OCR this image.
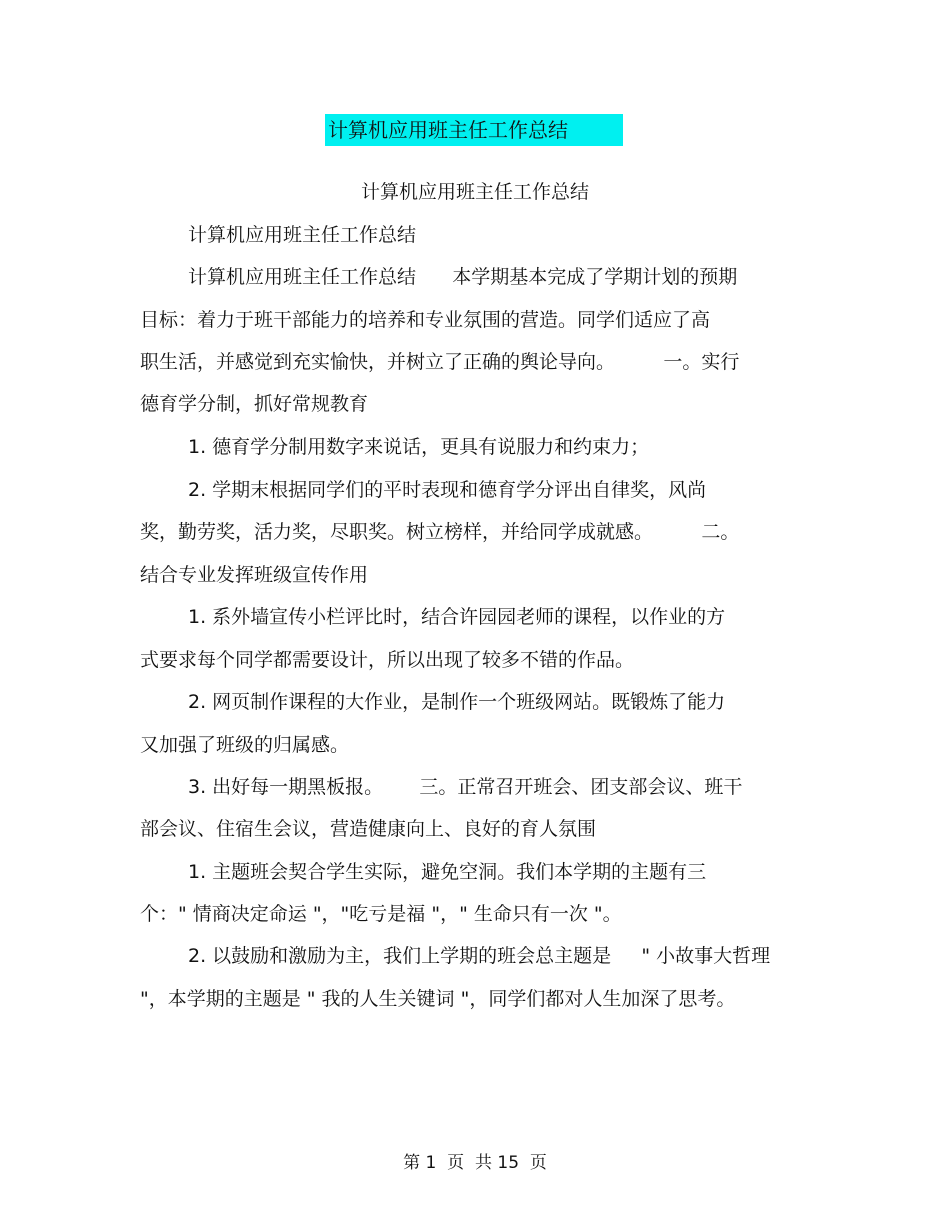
计算机应用班主任工作总结
计算机应用班主任工作总结
计算机应用班主任工作总结
计算机应用班主任工作总结      本学期基本完成了学期计划的预期
目标：着力于班干部能力的培养和专业氛围的营造。同学们适应了高
职生活，并感觉到充实愉快，并树立了正确的舆论导向。        一。实行
德育学分制，抓好常规教育
1. 德育学分制用数字来说话，更具有说服力和约束力；
2. 学期末根据同学们的平时表现和德育学分评出自律奖，风尚
奖，勤劳奖，活力奖，尽职奖。树立榜样，并给同学成就感。        二。
结合专业发挥班级宣传作用
1. 系外墙宣传小栏评比时，结合许园园老师的课程，以作业的方
式要求每个同学都需要设计，所以出现了较多不错的作品。
2. 网页制作课程的大作业，是制作一个班级网站。既锻炼了能力
又加强了班级的归属感。
3. 出好每一期黑板报。      三。正常召开班会、团支部会议、班干
部会议、住宿生会议，营造健康向上、良好的育人氛围
1. 主题班会契合学生实际，避免空洞。我们本学期的主题有三
个：" 情商决定命运 "，"吃亏是福 "，" 生命只有一次 "。
2. 以鼓励和激励为主，我们上学期的班会总主题是     " 小故事大哲理
"，本学期的主题是 " 我的人生关键词 "，同学们都对人生加深了思考。
第 1  页  共 15  页
